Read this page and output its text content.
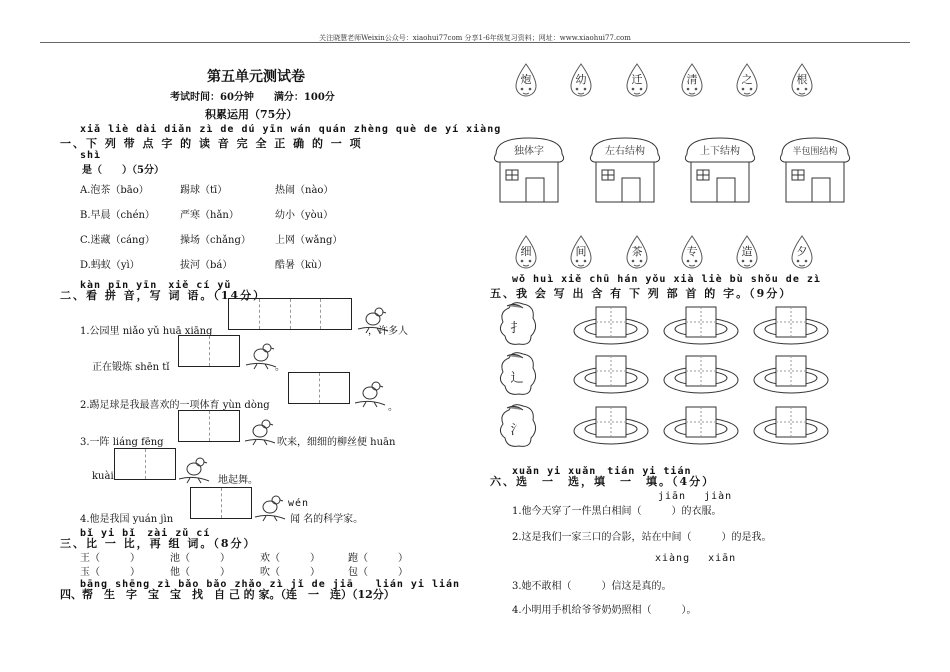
关注晓慧老师Weixin公众号：xiaohui77com 分享1-6年级复习资料；网址：www.xiaohui77.com
第五单元测试卷
考试时间：60分钟　　满分：100分
积累运用（75分）
xiǎ liè dài diǎn zì de dú yīn wán quán zhèng què de yí xiàng
一、下 列 带 点 字 的 读 音 完 全 正 确 的 一 项
shì
是（　　）（5分）
A.泡茶（bāo）	踢球（tī）	热闹（nào）
B.早晨（chén）	严寒（hǎn）	幼小（yòu）
C.迷藏（cáng）	操场（chǎng） 上网（wǎng）
D.蚂蚁（yì）	拔河（bá）	酷暑（kù）
kàn pīn yīn　xiě cí yǔ
二、看 拼 音，写 词 语。（14分）
1.公园里 niǎo yǔ huā xiāng	，许多人
正在锻炼 shēn tǐ	。
2.踢足球是我最喜欢的一项体育 yùn dòng	。
3.一阵 liáng fēng	吹来，细细的柳丝便 huān
kuài	地起舞。
4.他是我国 yuán jìn
wén
闻 名的科学家。
bǐ yi bǐ　zài zǔ cí
三、比 一 比，再 组 词。（8分）
王（　　　）	池（　　　）	欢（　　　）	跑（　　　）
玉（　　　）	他（　　　）	吹（　　　）	包（　　　）
bāng shēng zì bǎo bǎo zhǎo zì jǐ de jiā　　lián yi lián
四、帮　生　字　宝　宝　找　自 己 的 家。（连　一　连）（12分）
炮	幼	迁	清	之	根
独体字	左右结构	上下结构	半包围结构
细	间	茶	专	造	夕
wǒ huì xiě chū hán yǒu xià liè bù shǒu de zì
五、我 会 写 出 含 有 下 列 部 首 的 字。（9分）
扌
辶
氵
xuǎn yi xuǎn　tián yi tián
六、选　一　选，填　一　填。（4分）
jiān　 jiàn
1.他今天穿了一件黑白相间（　　　）的衣服。
2.这是我们一家三口的合影，站在中间（　　　）的是我。
xiàng　 xiān
3.她不敢相（　　　）信这是真的。
4.小明用手机给爷爷奶奶照相（　　　）。
